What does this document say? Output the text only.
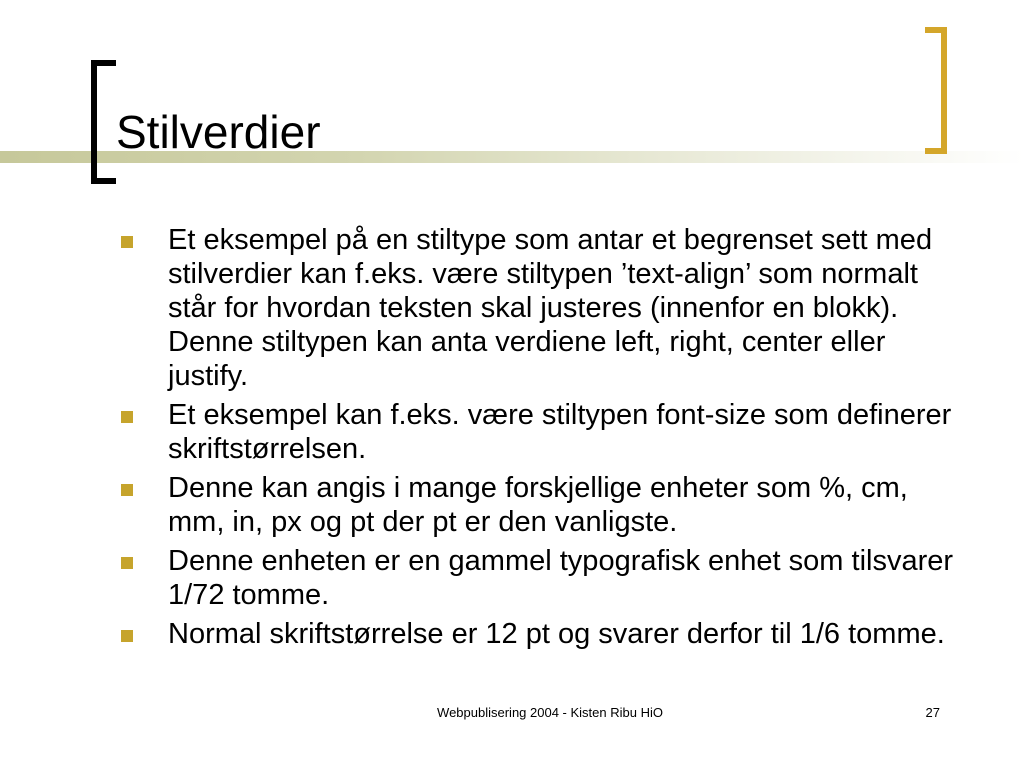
Stilverdier
Et eksempel på en stiltype som antar et begrenset sett med stilverdier kan f.eks. være stiltypen ’text-align’ som normalt står for hvordan teksten skal justeres (innenfor en blokk). Denne stiltypen kan anta verdiene left, right, center eller justify.
Et eksempel kan f.eks. være stiltypen font-size som definerer skriftstørrelsen.
Denne kan angis i mange forskjellige enheter som %, cm, mm, in, px og pt der pt er den vanligste.
Denne enheten er en gammel typografisk enhet som tilsvarer 1/72 tomme.
Normal skriftstørrelse er 12 pt og svarer derfor til 1/6 tomme.
Webpublisering 2004 - Kisten Ribu HiO	27
